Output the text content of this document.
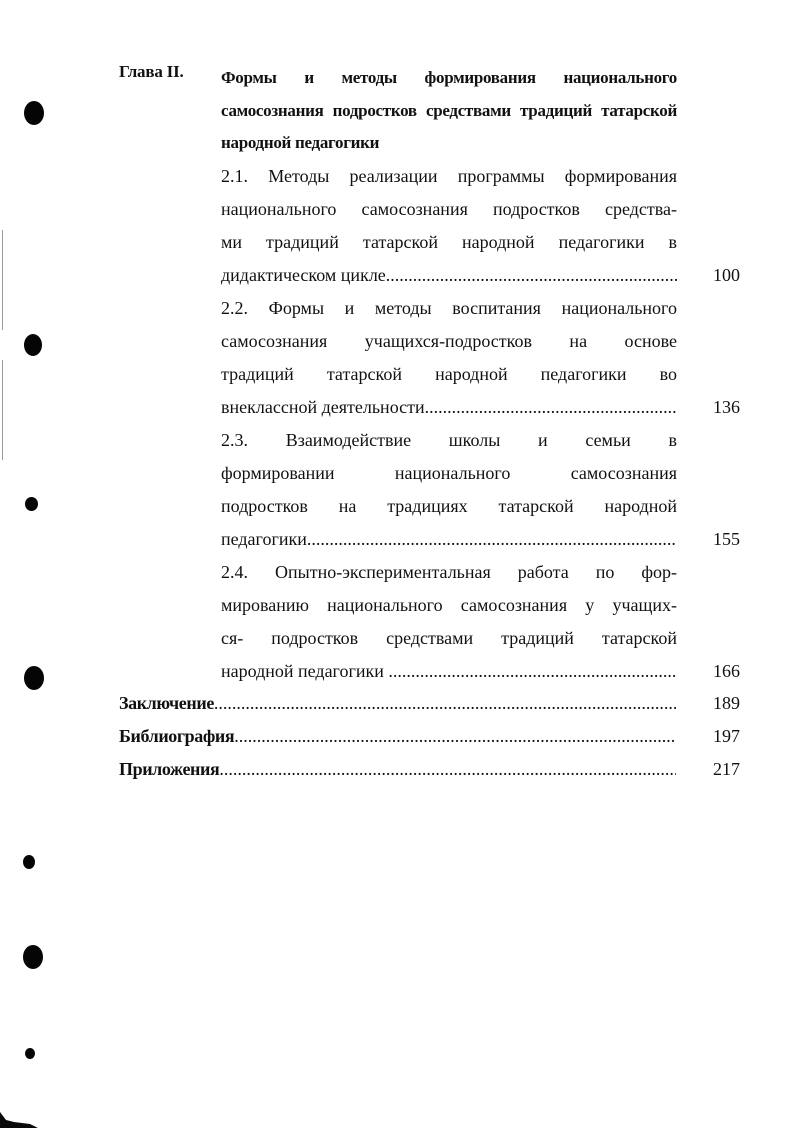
Глава II. Формы и методы формирования национального самосознания подростков средствами традиций татарской народной педагогики
2.1. Методы реализации программы формирования
национального самосознания подростков средства-
ми традиций татарской народной педагогики в
дидактическом цикле .....	100
2.2. Формы и методы воспитания национального
самосознания учащихся-подростков на основе
традиций татарской народной педагогики во
внеклассной деятельности .....	136
2.3. Взаимодействие школы и семьи в
формировании национального самосознания
подростков на традициях татарской народной
педагогики .....	155
2.4. Опытно-экспериментальная работа по фор-
мированию национального самосознания у учащих-
ся- подростков средствами традиций татарской
народной педагогики .....	166
Заключение .....	189
Библиография .....	197
Приложения .....	217
